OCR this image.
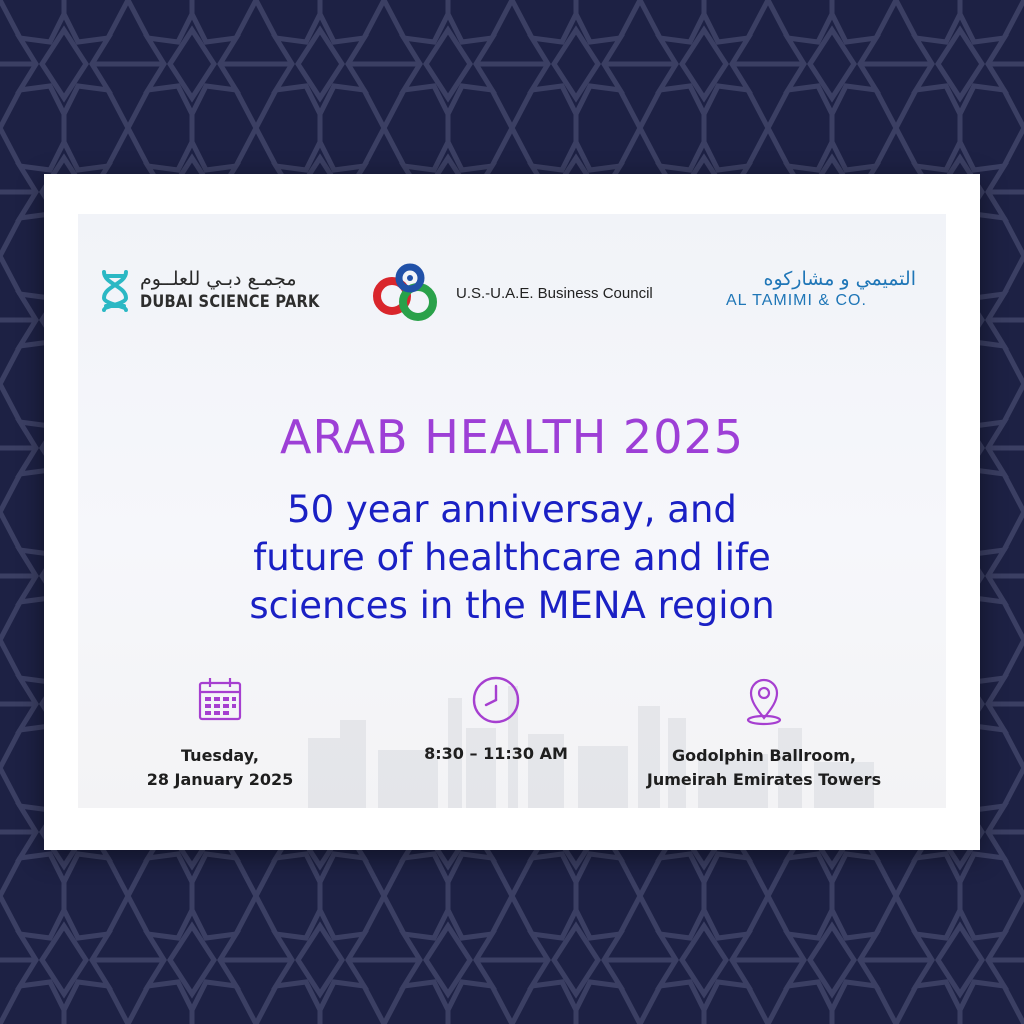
مجمـع دبـي للعلــوم
DUBAI SCIENCE PARK	U.S.-U.A.E. Business Council
التميمي و مشاركوه
AL TAMIMI & CO.
ARAB HEALTH 2025
50 year anniversay, and
future of healthcare and life
sciences in the MENA region
Tuesday,
28 January 2025
8:30 – 11:30 AM	Godolphin Ballroom,
Jumeirah Emirates Towers
